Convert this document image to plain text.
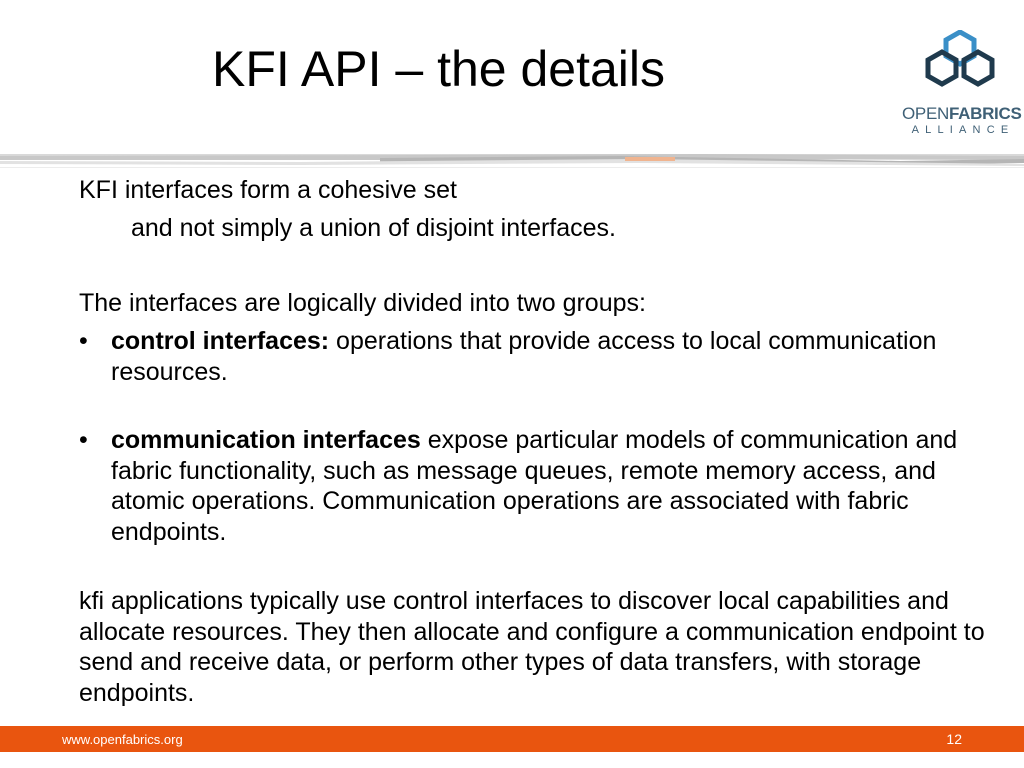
KFI API – the details
OPENFABRICS
ALLIANCE
KFI interfaces form a cohesive set
and not simply a union of disjoint interfaces.
The interfaces are logically divided into two groups:
• control interfaces: operations that provide access to local communication resources.
• communication interfaces expose particular models of communication and fabric functionality, such as message queues, remote memory access, and atomic operations. Communication operations are associated with fabric endpoints.
kfi applications typically use control interfaces to discover local capabilities and allocate resources. They then allocate and configure a communication endpoint to send and receive data, or perform other types of data transfers, with storage endpoints.
www.openfabrics.org	12
